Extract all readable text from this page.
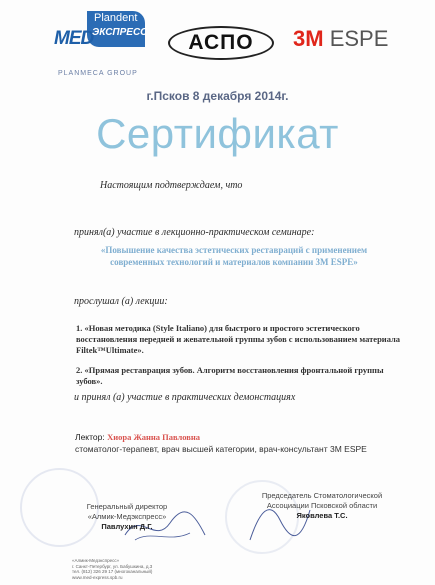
MED
Plandent
ЭКСПРЕСС
PLANMECA GROUP
АСПО 3M ESPE
г.Псков 8 декабря 2014г.
Сертификат
Настоящим подтверждаем, что
принял(а) участие в лекционно-практическом семинаре:
«Повышение качества эстетических реставраций с применением современных технологий и материалов компании 3М ESPE»
прослушал (а) лекции:
1. «Новая методика (Style Italiano) для быстрого и простого эстетического восстановления передней и жевательной группы зубов с использованием материала Filtek™Ultimate».
2. «Прямая реставрация зубов. Алгоритм восстановления фронтальной группы зубов».
и принял (а) участие в практических демонстациях
Лектор: Хиора Жанна Павловна
стоматолог-терапевт, врач высшей категории, врач-консультант 3М ESPE
Генеральный директор
«Алмик-Медэкспресс»
Павлухин Д.Г.
Председатель Стоматологической
Ассоциации Псковской области
Яковлева Т.С.
«Алмик-Медэкспресс»
г. Санкт-Петербург, ул. Бабушкина, д.3
тел. (812) 326 29 17 (многоканальный)
www.med-express.spb.ru
